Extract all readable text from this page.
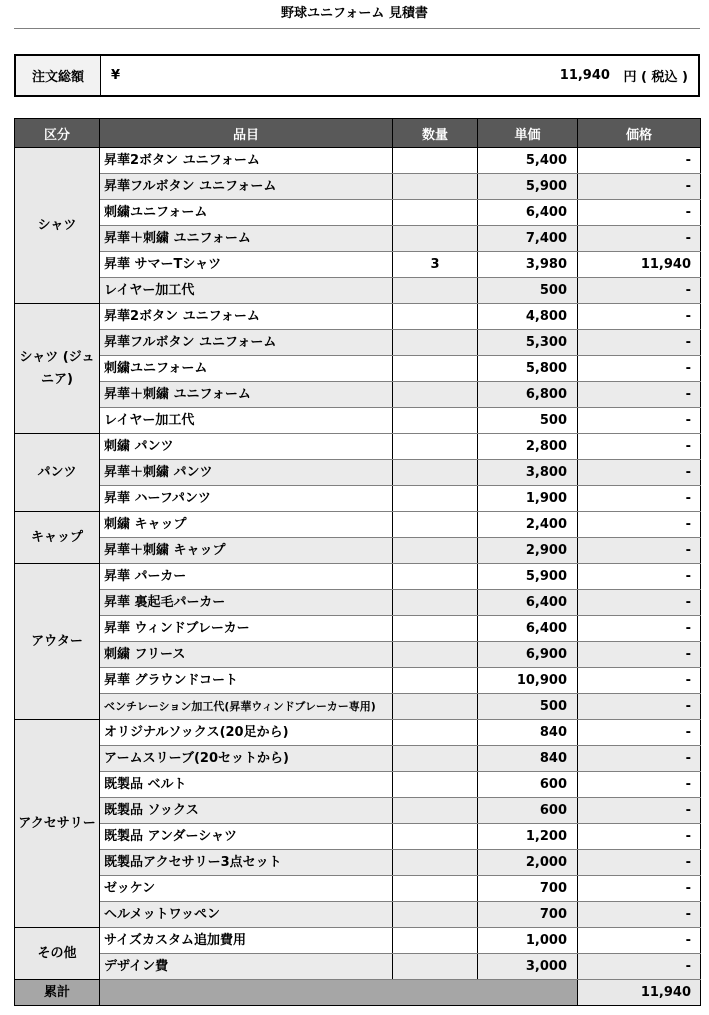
野球ユニフォーム 見積書
注文総額	¥	11,940
円 ( 税込 )
区分	品目	数量	単価	価格
シャツ	昇華2ボタン ユニフォーム		5,400	-
	昇華フルボタン ユニフォーム		5,900	-
	刺繍ユニフォーム		6,400	-
	昇華＋刺繍 ユニフォーム		7,400	-
	昇華 サマーTシャツ	3	3,980	11,940
	レイヤー加工代		500	-
シャツ (ジュニア)	昇華2ボタン ユニフォーム		4,800	-
	昇華フルボタン ユニフォーム		5,300	-
	刺繍ユニフォーム		5,800	-
	昇華＋刺繍 ユニフォーム		6,800	-
	レイヤー加工代		500	-
パンツ	刺繍 パンツ		2,800	-
	昇華＋刺繍 パンツ		3,800	-
	昇華 ハーフパンツ		1,900	-
キャップ	刺繍 キャップ		2,400	-
	昇華＋刺繍 キャップ		2,900	-
アウター	昇華 パーカー		5,900	-
	昇華 裏起毛パーカー		6,400	-
	昇華 ウィンドブレーカー		6,400	-
	刺繍 フリース		6,900	-
	昇華 グラウンドコート		10,900	-
	ベンチレーション加工代(昇華ウィンドブレーカー専用)		500	-
アクセサリー	オリジナルソックス(20足から)		840	-
	アームスリーブ(20セットから)		840	-
	既製品 ベルト		600	-
	既製品 ソックス		600	-
	既製品 アンダーシャツ		1,200	-
	既製品アクセサリー3点セット		2,000	-
	ゼッケン		700	-
	ヘルメットワッペン		700	-
その他	サイズカスタム追加費用		1,000	-
	デザイン費		3,000	-
累計				11,940
